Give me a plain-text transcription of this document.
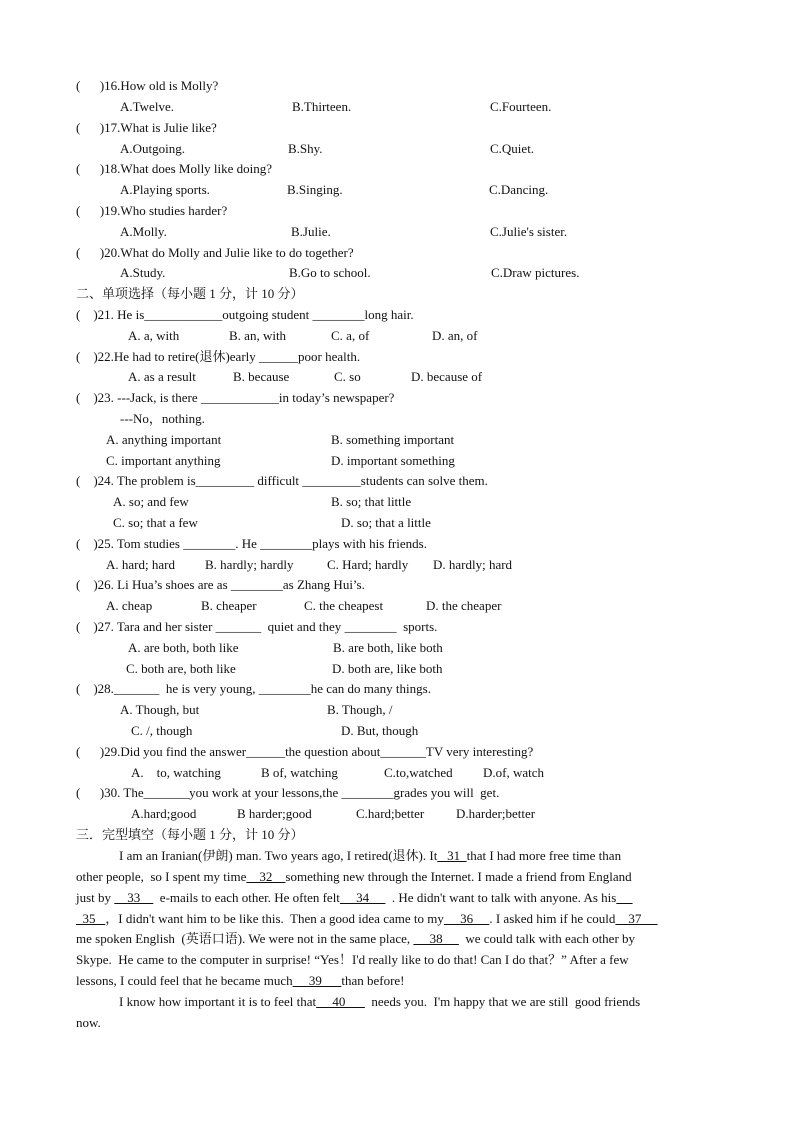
(      )16.How old is Molly?
A.Twelve.	B.Thirteen.	C.Fourteen.
(      )17.What is Julie like?
A.Outgoing.	B.Shy.	C.Quiet.
(      )18.What does Molly like doing?
A.Playing sports.	B.Singing.	C.Dancing.
(      )19.Who studies harder?
A.Molly.	B.Julie.	C.Julie's sister.
(      )20.What do Molly and Julie like to do together?
A.Study.	B.Go to school.	C.Draw pictures.
二、单项选择（每小题 1 分，计 10 分）
(    )21. He is____________outgoing student ________long hair.
A. a, with	B. an, with	C. a, of	D. an, of
(    )22.He had to retire(退休)early ______poor health.
A. as a result	B. because	C. so	D. because of
(    )23. ---Jack, is there ____________in today’s newspaper?
---No，nothing.
A. anything important	B. something important
C. important anything	D. important something
(    )24. The problem is_________ difficult _________students can solve them.
A. so; and few	B. so; that little
C. so; that a few	D. so; that a little
(    )25. Tom studies ________. He ________plays with his friends.
A. hard; hard B. hardly; hardly	C. Hard; hardly D. hardly; hard
(    )26. Li Hua’s shoes are as ________as Zhang Hui’s.
A. cheap	B. cheaper	C. the cheapest	D. the cheaper
(    )27. Tara and her sister _______  quiet and they ________  sports.
A. are both, both like	B. are both, like both
C. both are, both like	D. both are, like both
(    )28._______  he is very young, ________he can do many things.
A. Though, but	B. Though, /
C. /, though	D. But, though
(      )29.Did you find the answer______the question about_______TV very interesting?
A.    to, watching	B of, watching	C.to,watched D.of, watch
(      )30. The_______you work at your lessons,the ________grades you will  get.
A.hard;good	B harder;good	C.hard;better D.harder;better
三．完型填空（每小题 1 分，计 10 分）
I am an Iranian(伊朗) man. Two years ago, I retired(退休). It   31  that I had more free time than
other people,  so I spent my time    32    something new through the Internet. I made a friend from England
just by     33      e-mails to each other. He often felt     34       . He didn't want to talk with anyone. As his
35   ，I didn't want him to be like this.  Then a good idea came to my     36     . I asked him if he could    37
me spoken English  (英语口语). We were not in the same place,      38       we could talk with each other by
Skype.  He came to the computer in surprise! “Yes！I'd really like to do that! Can I do that？” After a few
lessons, I could feel that he became much     39      than before!
I know how important it is to feel that     40        needs you.  I'm happy that we are still  good friends
now.
